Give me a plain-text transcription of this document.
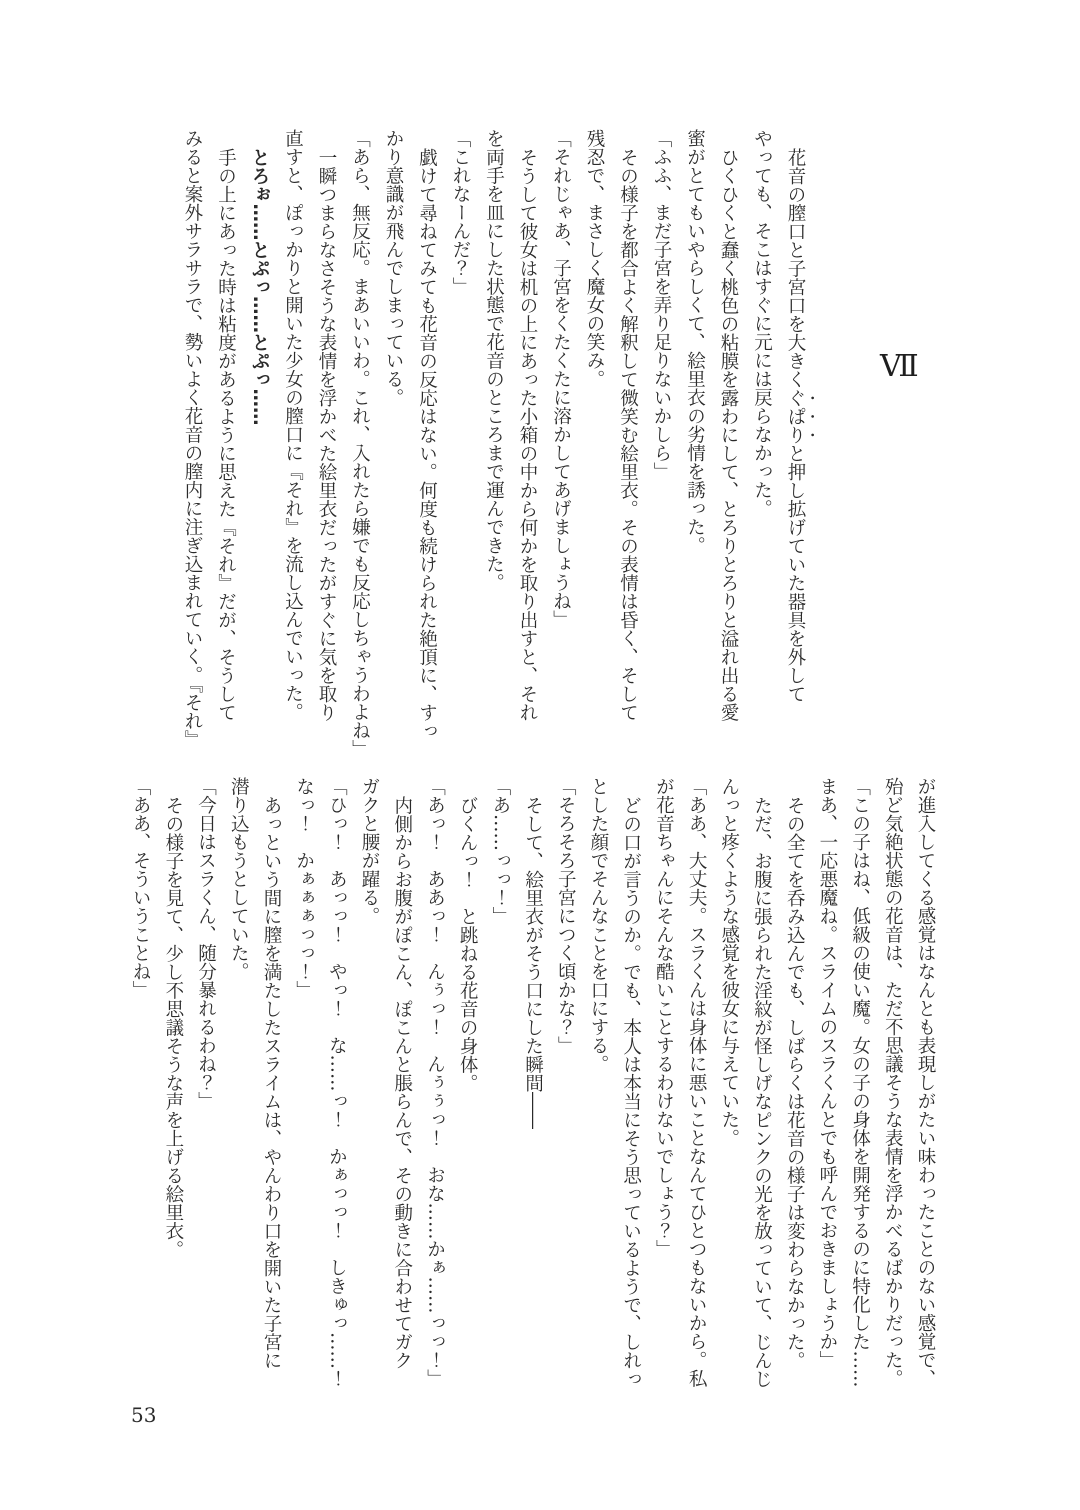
Ⅶ

花音の膣口と子宮口を大きくぐぱりと押し拡げていた器具を外して

やっても、そこはすぐに元には戻らなかった。

ひくひくと蠢く桃色の粘膜を露わにして、とろりとろりと溢れ出る愛

蜜がとてもいやらしくて、絵里衣の劣情を誘った。

「ふふ、まだ子宮を弄り足りないかしら」

その様子を都合よく解釈して微笑む絵里衣。その表情は昏く、そして

残忍で、まさしく魔女の笑み。

「それじゃあ、子宮をくたくたに溶かしてあげましょうね」

そうして彼女は机の上にあった小箱の中から何かを取り出すと、それ

を両手を皿にした状態で花音のところまで運んできた。

「これなーんだ？」

戯けて尋ねてみても花音の反応はない。何度も続けられた絶頂に、すっ

かり意識が飛んでしまっている。

「あら、無反応。まあいいわ。これ、入れたら嫌でも反応しちゃうわよね」

一瞬つまらなさそうな表情を浮かべた絵里衣だったがすぐに気を取り

直すと、ぽっかりと開いた少女の膣口に『それ』を流し込んでいった。

とろぉ……とぷっ……とぷっ……

手の上にあった時は粘度があるように思えた『それ』だが、そうして

みると案外サラサラで、勢いよく花音の膣内に注ぎ込まれていく。『それ』

が進入してくる感覚はなんとも表現しがたい味わったことのない感覚で、

殆ど気絶状態の花音は、ただ不思議そうな表情を浮かべるばかりだった。

「この子はね、低級の使い魔。女の子の身体を開発するのに特化した……

まあ、一応悪魔ね。スライムのスラくんとでも呼んでおきましょうか」

その全てを呑み込んでも、しばらくは花音の様子は変わらなかった。

ただ、お腹に張られた淫紋が怪しげなピンクの光を放っていて、じんじ

んっと疼くような感覚を彼女に与えていた。

「ああ、大丈夫。スラくんは身体に悪いことなんてひとつもないから。私

が花音ちゃんにそんな酷いことするわけないでしょう？」

どの口が言うのか。でも、本人は本当にそう思っているようで、しれっ

とした顔でそんなことを口にする。

「そろそろ子宮につく頃かな？」

そして、絵里衣がそう口にした瞬間――

「あ……っっ！」

びくんっ！　と跳ねる花音の身体。

「あっ！　ああっ！　んぅっ！　んぅぅっ！　おな……かぁ……っっ！」

内側からお腹がぽこん、ぽこんと脹らんで、その動きに合わせてガク

ガクと腰が躍る。

「ひっ！　あっっ！　やっ！　な……っ！　かぁっっ！　しきゅっ……！

なっ！　かぁぁぁっっ！」

あっという間に膣を満たしたスライムは、やんわり口を開いた子宮に

潜り込もうとしていた。

「今日はスラくん、随分暴れるわね？」

その様子を見て、少し不思議そうな声を上げる絵里衣。

「ああ、そういうことね」

53
